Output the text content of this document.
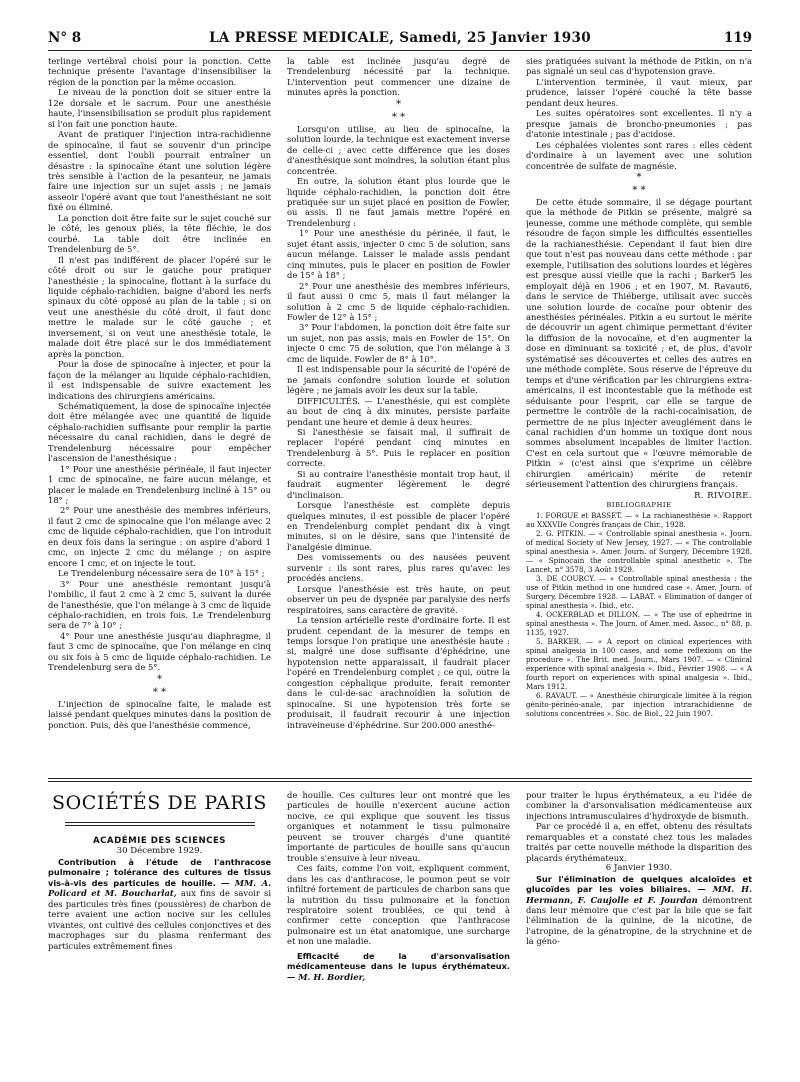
N° 8	LA PRESSE MEDICALE, Samedi, 25 Janvier 1930	119

terlinge vertébral choisi pour la ponction. Cette technique présente l'avantage d'insensibiliser la région de la ponction par la même occasion.

Le niveau de la ponction doit se situer entre la 12e dorsale et le sacrum. Pour une anesthésie haute, l'insensibilisation se produit plus rapidement si l'on fait une ponction haute.

Avant de pratiquer l'injection intra-rachidienne de spinocaïne, il faut se souvenir d'un principe essentiel, dont l'oubli pourrait entraîner un désastre : la spinocaïne étant une solution légère très sensible à l'action de la pesanteur, ne jamais faire une injection sur un sujet assis ; ne jamais asseoir l'opéré avant que tout l'anesthésiant ne soit fixé ou éliminé.

La ponction doit être faite sur le sujet couché sur le côté, les genoux pliés, la tête fléchie, le dos courbé. La table doit être inclinée en Trendelenburg de 5°.

Il n'est pas indifférent de placer l'opéré sur le côté droit ou sur le gauche pour pratiquer l'anesthésie ; la spinocaïne, flottant à la surface du liquide céphalo-rachidien, baigne d'abord les nerfs spinaux du côté opposé au plan de la table ; si on veut une anesthésie du côté droit, il faut donc mettre le malade sur le côté gauche ; et inversement, si on veut une anesthésie totale, le malade doit être placé sur le dos immédiatement après la ponction.

Pour la dose de spinocaïne à injecter, et pour la façon de la mélanger au liquide céphalo-rachidien, il est indispensable de suivre exactement les indications des chirurgiens américains.

Schématiquement, la dose de spinocaïne injectée doit être mélangée avec une quantité de liquide céphalo-rachidien suffisante pour remplir la partie nécessaire du canal rachidien, dans le degré de Trendelenburg nécessaire pour empêcher l'ascension de l'anesthésique :

1° Pour une anesthésie périnéale, il faut injecter 1 cmc de spinocaïne, ne faire aucun mélange, et placer le malade en Trendelenburg incliné à 15° ou 18° ;

2° Pour une anesthésie des membres inférieurs, il faut 2 cmc de spinocaïne que l'on mélange avec 2 cmc de liquide céphalo-rachidien, que l'on introduit en deux fois dans la seringue : on aspire d'abord 1 cmc, on injecte 2 cmc du mélange ; on aspire encore 1 cmc, et on injecte le tout.

Le Trendelenburg nécessaire sera de 10° à 15° ;

3° Pour une anesthésie remontant jusqu'à l'ombilic, il faut 2 cmc à 2 cmc 5, suivant la durée de l'anesthésie, que l'on mélange à 3 cmc de liquide céphalo-rachidien, en trois fois. Le Trendelenburg sera de 7° à 10° ;

4° Pour une anesthésie jusqu'au diaphragme, il faut 3 cmc de spinocaïne, que l'on mélange en cinq ou six fois à 5 cmc de liquide céphalo-rachidien. Le Trendelenburg sera de 5°.

*
* *

L'injection de spinocaïne faite, le malade est laissé pendant quelques minutes dans la position de ponction. Puis, dès que l'anesthésie commence,

la table est inclinée jusqu'au degré de Trendelenburg nécessité par la technique. L'intervention peut commencer une dizaine de minutes après la ponction.

*
* *

Lorsqu'on utilise, au lieu de spinocaïne, la solution lourde, la technique est exactement inverse de celle-ci ; avec cette différence que les doses d'anesthésique sont moindres, la solution étant plus concentrée.

En outre, la solution étant plus lourde que le liquide céphalo-rachidien, la ponction doit être pratiquée sur un sujet placé en position de Fowler, ou assis. Il ne faut jamais mettre l'opéré en Trendelenburg :

1° Pour une anesthésie du périnée, il faut, le sujet étant assis, injecter 0 cmc 5 de solution, sans aucun mélange. Laisser le malade assis pendant cinq minutes, puis le placer en position de Fowler de 15° à 18° ;

2° Pour une anesthésie des membres inférieurs, il faut aussi 0 cmc 5, mais il faut mélanger la solution à 2 cmc 5 de liquide céphalo-rachidien. Fowler de 12° à 15° ;

3° Pour l'abdomen, la ponction doit être faite sur un sujet, non pas assis, mais en Fowler de 15°. On injecte 0 cmc 75 de solution, que l'on mélange à 3 cmc de liquide. Fowler de 8° à 10°.

Il est indispensable pour la sécurité de l'opéré de ne jamais confondre solution lourde et solution légère ; ne jamais avoir les deux sur la table.

DIFFICULTÉS. — L'anesthésie, qui est complète au bout de cinq à dix minutes, persiste parfaite pendant une heure et demie à deux heures.

Si l'anesthésie se faisait mal, il suffirait de replacer l'opéré pendant cinq minutes en Trendelenburg à 5°. Puis le replacer en position correcte.

Si au contraire l'anesthésie montait trop haut, il faudrait augmenter légèrement le degré d'inclinaison.

Lorsque l'anesthésie est complète depuis quelques minutes, il est possible de placer l'opéré en Trendelenburg complet pendant dix à vingt minutes, si on le désire, sans que l'intensité de l'analgésie diminue.

Des vomissements ou des nausées peuvent survenir : ils sont rares, plus rares qu'avec les procédés anciens.

Lorsque l'anesthésie est très haute, on peut observer un peu de dyspnée par paralysie des nerfs respiratoires, sans caractère de gravité.

La tension artérielle reste d'ordinaire forte. Il est prudent cependant de la mesurer de temps en temps lorsque l'on pratique une anesthésie haute : si, malgré une dose suffisante d'éphédrine, une hypotension nette apparaissait, il faudrait placer l'opéré en Trendelenburg complet ; ce qui, outre la congestion céphalique produite, ferait remonter dans le cul-de-sac arachnoïdien la solution de spinocaïne. Si une hypotension très forte se produisait, il faudrait recourir à une injection intraveineuse d'éphédrine. Sur 200.000 anesthé-

sies pratiquées suivant la méthode de Pitkin, on n'a pas signalé un seul cas d'hypotension grave.

L'intervention terminée, il vaut mieux, par prudence, laisser l'opéré couché la tête basse pendant deux heures.

Les suites opératoires sont excellentes. Il n'y a presque jamais de broncho-pneumonies ; pas d'atonie intestinale ; pas d'acidose.

Les céphalées violentes sont rares : elles cèdent d'ordinaire à un lavement avec une solution concentrée de sulfate de magnésie.

*
* *

De cette étude sommaire, il se dégage pourtant que la méthode de Pitkin se présente, malgré sa jeunesse, comme une méthode complète, qui semble résoudre de façon simple les difficultés essentielles de la rachianesthésie. Cependant il faut bien dire que tout n'est pas nouveau dans cette méthode : par exemple, l'utilisation des solutions lourdes et légères est presque aussi vieille que la rachi ; Barker5 les employait déjà en 1906 ; et en 1907, M. Ravaut6, dans le service de Thiéberge, utilisait avec succès une solution lourde de cocaïne pour obtenir des anesthésies périnéales. Pitkin a eu surtout le mérite de découvrir un agent chimique permettant d'éviter la diffusion de la novocaïne, et d'en augmenter la dose en diminuant sa toxicité ; et, de plus, d'avoir systématisé ses découvertes et celles des autres en une méthode complète. Sous réserve de l'épreuve du temps et d'une vérification par les chirurgiens extra-américains, il est incontestable que la méthode est séduisante pour l'esprit, car elle se targue de permettre le contrôle de la rachi-cocaïnisation, de permettre de ne plus injecter aveuglément dans le canal rachidien d'un homme un toxique dont nous sommes absolument incapables de limiter l'action. C'est en cela surtout que « l'œuvre mémorable de Pitkin » (c'est ainsi que s'exprime un célèbre chirurgien américain) mérite de retenir sérieusement l'attention des chirurgiens français.

R. RIVOIRE.

BIBLIOGRAPHIE

1. FORGUE et BASSET. — « La rachianesthésie ». Rapport au XXXVIIe Congrès français de Chir., 1928.

2. G. PITKIN. — « Controllable spinal anesthesia ». Journ. of medical Society of New Jersey, 1927. — « The controllable spinal anesthesia ». Amer. Journ. of Surgery, Décembre 1928. — « Spinocain the controllable spinal anesthetic ». The Lancet, n° 3578, 3 Août 1929.

3. DE COURCY. — « Controllable spinal anesthesia : the use of Pitkin method in one hundred case ». Amer. Journ. of Surgery, Décembre 1928. — LABAT. « Elimination of danger of spinal anesthesia ». Ibid., etc.

4. OCKERBLAD et DILLON. — « The use of ephedrine in spinal anesthesia ». The Journ. of Amer. med. Assoc., n° 88, p. 1135, 1927.

5. BARKER. — « A report on clinical experiences with spinal analgesia in 100 cases, and some reflexions on the procedure ». The Brit. med. Journ., Mars 1907. — « Clinical experience with spinal analgesia ». Ibid., Février 1908. — « A fourth report on experiences with spinal analgesia ». Ibid., Mars 1912.

6. RAVAUT. — « Anesthésie chirurgicale limitée à la région génito-périnéo-anale, par injection intrarachidienne de solutions concentrées ». Soc. de Biol., 22 Juin 1907.

SOCIÉTÉS DE PARIS

ACADÉMIE DES SCIENCES

30 Décembre 1929.

Contribution à l'étude de l'anthracose pulmonaire ; tolérance des cultures de tissus vis-à-vis des particules de houille. — MM. A. Policard et M. Boucharlat, aux fins de savoir si des particules très fines (poussières) de charbon de terre avaient une action nocive sur les cellules vivantes, ont cultivé des cellules conjonctives et des macrophages sur du plasma renfermant des particules extrêmement fines

de houille. Ces cultures leur ont montré que les particules de houille n'exercent aucune action nocive, ce qui explique que souvent les tissus organiques et notamment le tissu pulmonaire peuvent se trouver chargés d'une quantité importante de particules de houille sans qu'aucun trouble s'ensuive à leur niveau.

Ces faits, comme l'on voit, expliquent comment, dans les cas d'anthracose, le poumon peut se voir infiltré fortement de particules de charbon sans que la nutrition du tissu pulmonaire et la fonction respiratoire soient troublées, ce qui tend à confirmer cette conception que l'anthracose pulmonaire est un état anatomique, une surcharge et non une maladie.

Efficacité de la d'arsonvalisation médicamenteuse dans le lupus érythémateux. — M. H. Bordier,

pour traiter le lupus érythémateux, a eu l'idée de combiner la d'arsonvalisation médicamenteuse aux injections intramusculaires d'hydroxyde de bismuth.

Par ce procédé il a, en effet, obtenu des résultats remarquables et a constaté chez tous les malades traités par cette nouvelle méthode la disparition des placards érythémateux.

6 Janvier 1930.

Sur l'élimination de quelques alcaloïdes et glucoïdes par les voies biliaires. — MM. H. Hermann, F. Caujolle et F. Jourdan démontrent dans leur mémoire que c'est par la bile que se fait l'élimination de la quinine, de la nicotine, de l'atropine, de la génatropine, de la strychnine et de la géno-
